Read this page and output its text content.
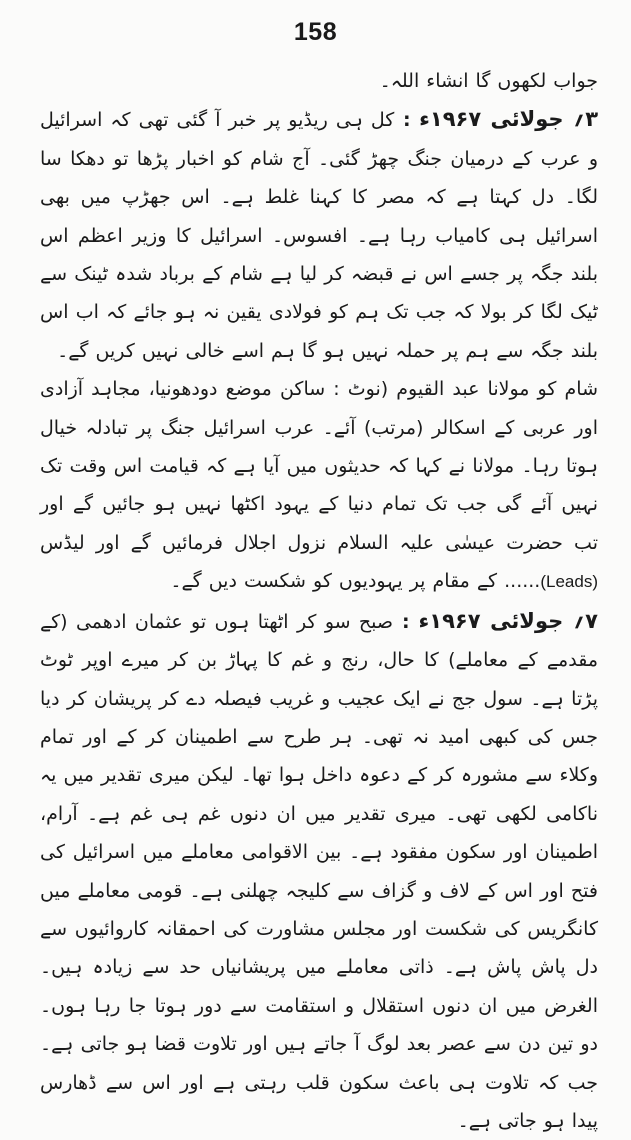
158

جواب لکھوں گا انشاء اللہ۔

۳؍ جولائی ۱۹۶۷ء : کل ہی ریڈیو پر خبر آ گئی تھی کہ اسرائیل و عرب کے درمیان جنگ چھڑ گئی۔ آج شام کو اخبار پڑھا تو دھکا سا لگا۔ دل کہتا ہے کہ مصر کا کہنا غلط ہے۔ اس جھڑپ میں بھی اسرائیل ہی کامیاب رہا ہے۔ افسوس۔ اسرائیل کا وزیر اعظم اس بلند جگہ پر جسے اس نے قبضہ کر لیا ہے شام کے برباد شدہ ٹینک سے ٹیک لگا کر بولا کہ جب تک ہم کو فولادی یقین نہ ہو جائے کہ اب اس بلند جگہ سے ہم پر حملہ نہیں ہو گا ہم اسے خالی نہیں کریں گے۔

شام کو مولانا عبد القیوم (نوٹ : ساکن موضع دودھونیا، مجاہد آزادی اور عربی کے اسکالر (مرتب) آئے۔ عرب اسرائیل جنگ پر تبادلہ خیال ہوتا رہا۔ مولانا نے کہا کہ حدیثوں میں آیا ہے کہ قیامت اس وقت تک نہیں آئے گی جب تک تمام دنیا کے یہود اکٹھا نہیں ہو جائیں گے اور تب حضرت عیسٰی علیہ السلام نزول اجلال فرمائیں گے اور لیڈس (Leads)...... کے مقام پر یہودیوں کو شکست دیں گے۔

۷؍ جولائی ۱۹۶۷ء : صبح سو کر اٹھتا ہوں تو عثمان ادھمی (کے مقدمے کے معاملے) کا حال، رنج و غم کا پہاڑ بن کر میرے اوپر ٹوٹ پڑتا ہے۔ سول جج نے ایک عجیب و غریب فیصلہ دے کر پریشان کر دیا جس کی کبھی امید نہ تھی۔ ہر طرح سے اطمینان کر کے اور تمام وکلاء سے مشورہ کر کے دعوہ داخل ہوا تھا۔ لیکن میری تقدیر میں یہ ناکامی لکھی تھی۔ میری تقدیر میں ان دنوں غم ہی غم ہے۔ آرام، اطمینان اور سکون مفقود ہے۔ بین الاقوامی معاملے میں اسرائیل کی فتح اور اس کے لاف و گزاف سے کلیجہ چھلنی ہے۔ قومی معاملے میں کانگریس کی شکست اور مجلس مشاورت کی احمقانہ کاروائیوں سے دل پاش پاش ہے۔ ذاتی معاملے میں پریشانیاں حد سے زیادہ ہیں۔ الغرض میں ان دنوں استقلال و استقامت سے دور ہوتا جا رہا ہوں۔ دو تین دن سے عصر بعد لوگ آ جاتے ہیں اور تلاوت قضا ہو جاتی ہے۔ جب کہ تلاوت ہی باعث سکون قلب رہتی ہے اور اس سے ڈھارس پیدا ہو جاتی ہے۔
